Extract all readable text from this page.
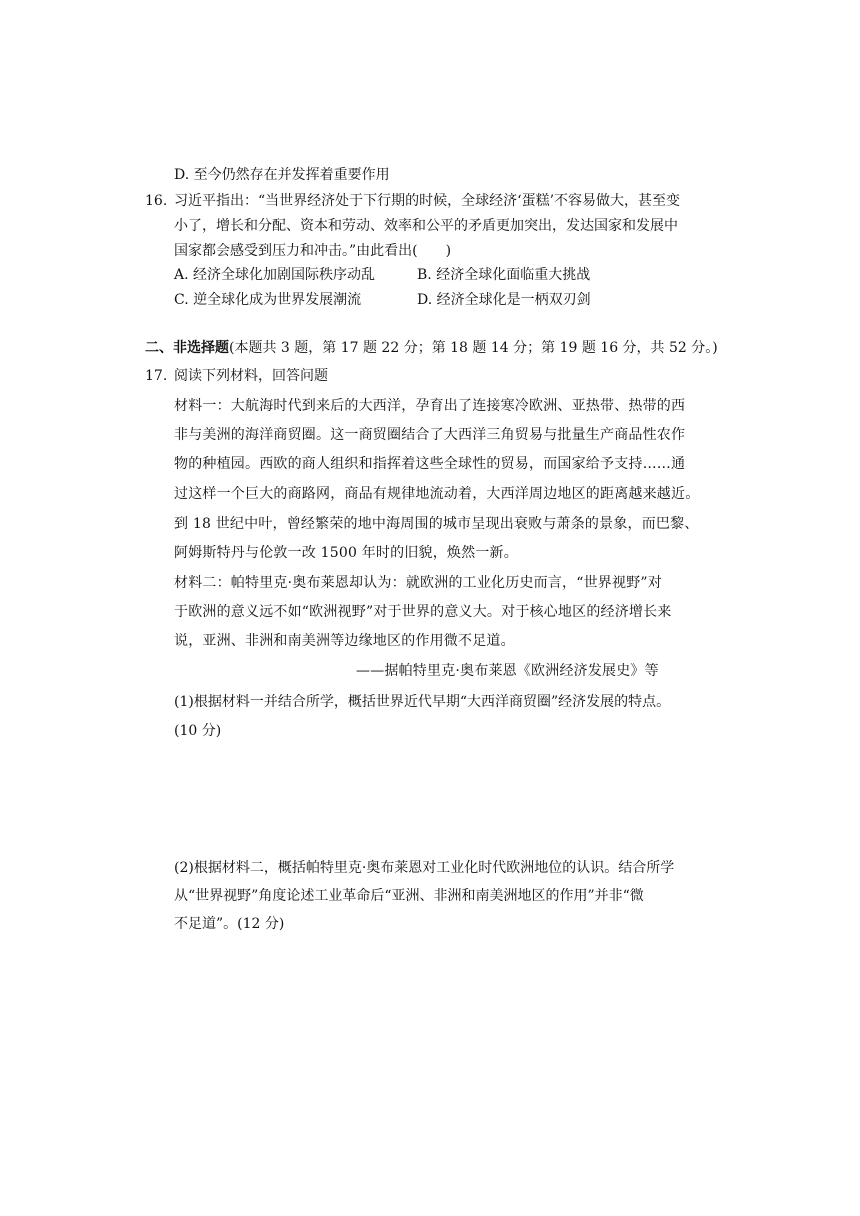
D. 至今仍然存在并发挥着重要作用
16. 习近平指出：“当世界经济处于下行期的时候，全球经济‘蛋糕’不容易做大，甚至变
小了，增长和分配、资本和劳动、效率和公平的矛盾更加突出，发达国家和发展中
国家都会感受到压力和冲击。”由此看出(　　)
A. 经济全球化加剧国际秩序动乱	B. 经济全球化面临重大挑战
C. 逆全球化成为世界发展潮流	D. 经济全球化是一柄双刃剑
二、非选择题(本题共 3 题，第 17 题 22 分；第 18 题 14 分；第 19 题 16 分，共 52 分。)
17. 阅读下列材料，回答问题
材料一：大航海时代到来后的大西洋，孕育出了连接寒冷欧洲、亚热带、热带的西
非与美洲的海洋商贸圈。这一商贸圈结合了大西洋三角贸易与批量生产商品性农作
物的种植园。西欧的商人组织和指挥着这些全球性的贸易，而国家给予支持……通
过这样一个巨大的商路网，商品有规律地流动着，大西洋周边地区的距离越来越近。
到 18 世纪中叶，曾经繁荣的地中海周围的城市呈现出衰败与萧条的景象，而巴黎、
阿姆斯特丹与伦敦一改 1500 年时的旧貌，焕然一新。
材料二：帕特里克·奥布莱恩却认为：就欧洲的工业化历史而言，“世界视野”对
于欧洲的意义远不如“欧洲视野”对于世界的意义大。对于核心地区的经济增长来
说，亚洲、非洲和南美洲等边缘地区的作用微不足道。
——据帕特里克·奥布莱恩《欧洲经济发展史》等
(1)根据材料一并结合所学，概括世界近代早期“大西洋商贸圈”经济发展的特点。
(10 分)
(2)根据材料二，概括帕特里克·奥布莱恩对工业化时代欧洲地位的认识。结合所学
从“世界视野”角度论述工业革命后“亚洲、非洲和南美洲地区的作用”并非“微
不足道”。(12 分)
